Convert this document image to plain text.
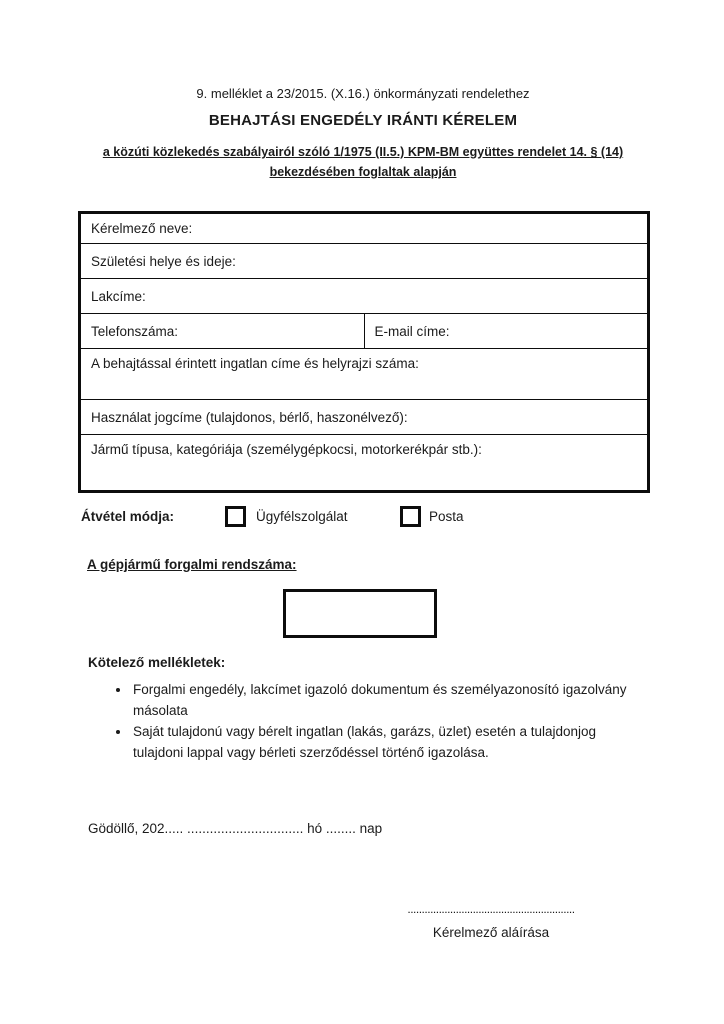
9. melléklet a 23/2015. (X.16.) önkormányzati rendelethez
BEHAJTÁSI ENGEDÉLY IRÁNTI KÉRELEM
a közúti közlekedés szabályairól szóló 1/1975 (II.5.) KPM-BM együttes rendelet 14. § (14) bekezdésében foglaltak alapján
Kérelmező neve:
Születési helye és ideje:
Lakcíme:
Telefonszáma:	E-mail címe:
A behajtással érintett ingatlan címe és helyrajzi száma:
Használat jogcíme (tulajdonos, bérlő, haszonélvező):
Jármű típusa, kategóriája (személygépkocsi, motorkerékpár stb.):
Átvétel módja:	Ügyfélszolgálat	Posta
A gépjármű forgalmi rendszáma:
Kötelező mellékletek:
• Forgalmi engedély, lakcímet igazoló dokumentum és személyazonosító igazolvány másolata
• Saját tulajdonú vagy bérelt ingatlan (lakás, garázs, üzlet) esetén a tulajdonjog tulajdoni lappal vagy bérleti szerződéssel történő igazolása.
Gödöllő, 202..... ............................... hó ........ nap
...........................................................
Kérelmező aláírása
